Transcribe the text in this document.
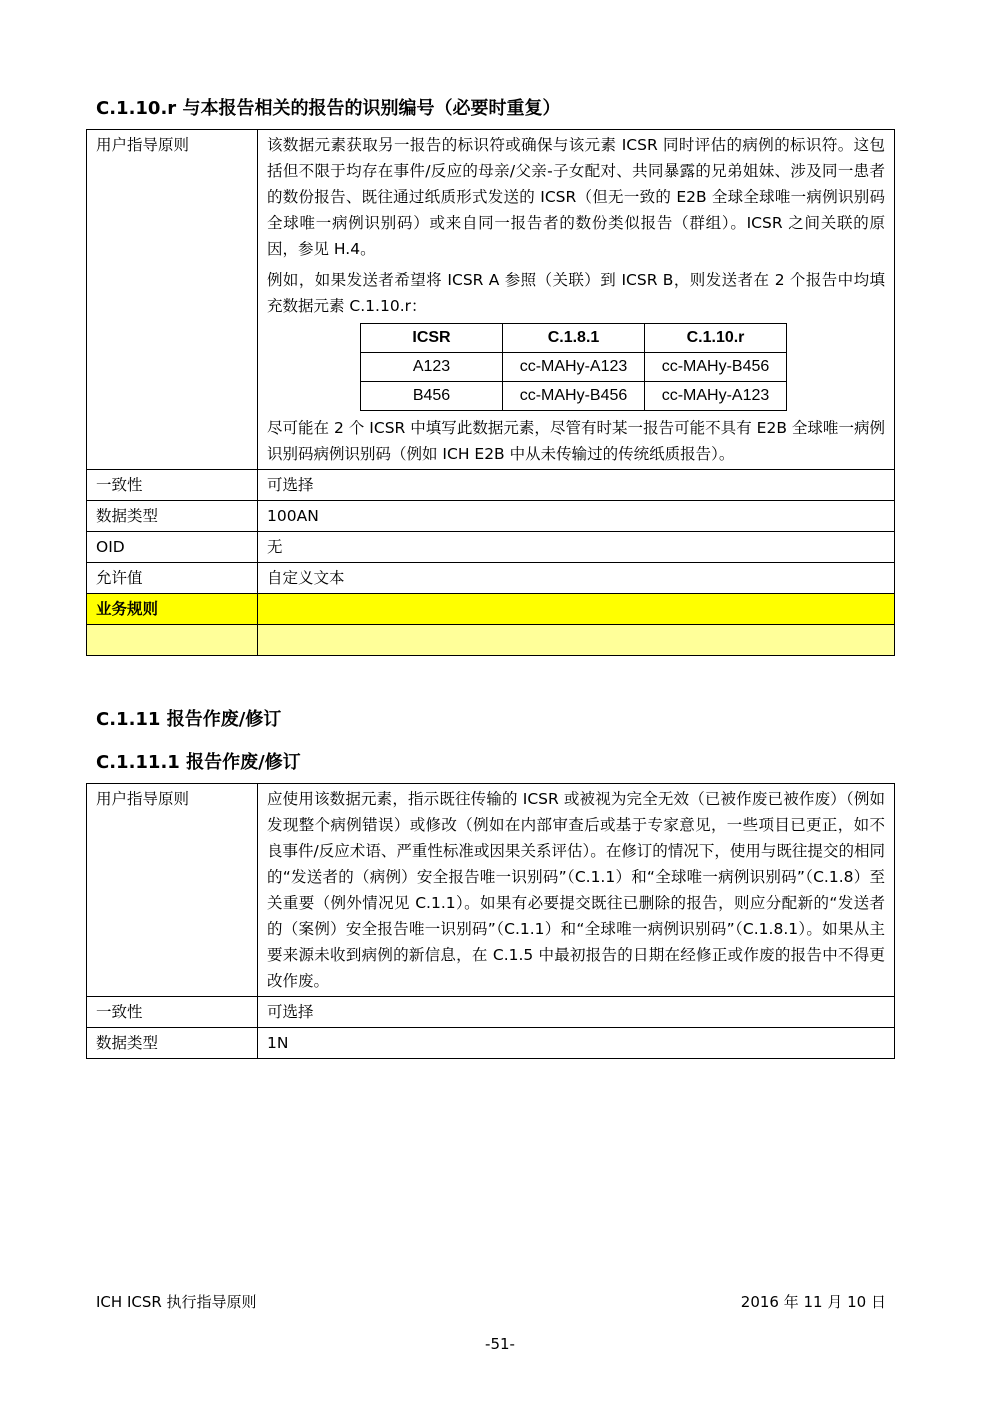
C.1.10.r 与本报告相关的报告的识别编号（必要时重复）
用户指导原则	该数据元素获取另一报告的标识符或确保与该元素 ICSR 同时评估的病例的标识符。这包括但不限于均存在事件/反应的母亲/父亲-子女配对、共同暴露的兄弟姐妹、涉及同一患者的数份报告、既往通过纸质形式发送的 ICSR（但无一致的 E2B 全球全球唯一病例识别码全球唯一病例识别码）或来自同一报告者的数份类似报告（群组）。ICSR 之间关联的原因，参见 H.4。

例如，如果发送者希望将 ICSR A 参照（关联）到 ICSR B，则发送者在 2 个报告中均填充数据元素 C.1.10.r：

ICSR	C.1.8.1	C.1.10.r
A123	cc-MAHy-A123	cc-MAHy-B456
B456	cc-MAHy-B456	cc-MAHy-A123

尽可能在 2 个 ICSR 中填写此数据元素，尽管有时某一报告可能不具有 E2B 全球唯一病例识别码病例识别码（例如 ICH E2B 中从未传输过的传统纸质报告）。

一致性	可选择
数据类型	100AN
OID	无
允许值	自定义文本
业务规则	

C.1.11 报告作废/修订
C.1.11.1 报告作废/修订
用户指导原则	应使用该数据元素，指示既往传输的 ICSR 或被视为完全无效（已被作废已被作废）（例如发现整个病例错误）或修改（例如在内部审查后或基于专家意见，一些项目已更正，如不良事件/反应术语、严重性标准或因果关系评估）。在修订的情况下，使用与既往提交的相同的“发送者的（病例）安全报告唯一识别码”（C.1.1）和“全球唯一病例识别码”（C.1.8）至关重要（例外情况见 C.1.1）。如果有必要提交既往已删除的报告，则应分配新的“发送者的（案例）安全报告唯一识别码”（C.1.1）和“全球唯一病例识别码”（C.1.8.1）。如果从主要来源未收到病例的新信息，在 C.1.5 中最初报告的日期在经修正或作废的报告中不得更改作废。
一致性	可选择
数据类型	1N
ICH ICSR 执行指导原则	2016 年 11 月 10 日
-51-
